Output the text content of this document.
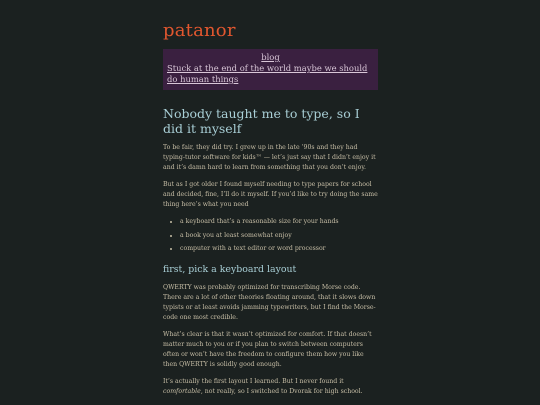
patanor
blog
Stuck at the end of the world maybe we should do human things
Nobody taught me to type, so I did it myself

To be fair, they did try. I grew up in the late ’90s and they had typing-tutor software for kids™ — let’s just say that I didn’t enjoy it and it’s damn hard to learn from something that you don’t enjoy.

But as I got older I found myself needing to type papers for school and decided, fine, I’ll do it myself. If you’d like to try doing the same thing here’s what you need

• a keyboard that’s a reasonable size for your hands
• a book you at least somewhat enjoy
• computer with a text editor or word processor
first, pick a keyboard layout

QWERTY was probably optimized for transcribing Morse code. There are a lot of other theories floating around, that it slows down typists or at least avoids jamming typewriters, but I find the Morse-code one most credible.

What’s clear is that it wasn’t optimized for comfort. If that doesn’t matter much to you or if you plan to switch between computers often or won’t have the freedom to configure them how you like then QWERTY is solidly good enough.

It’s actually the first layout I learned. But I never found it comfortable, not really, so I switched to Dvorak for high school.
